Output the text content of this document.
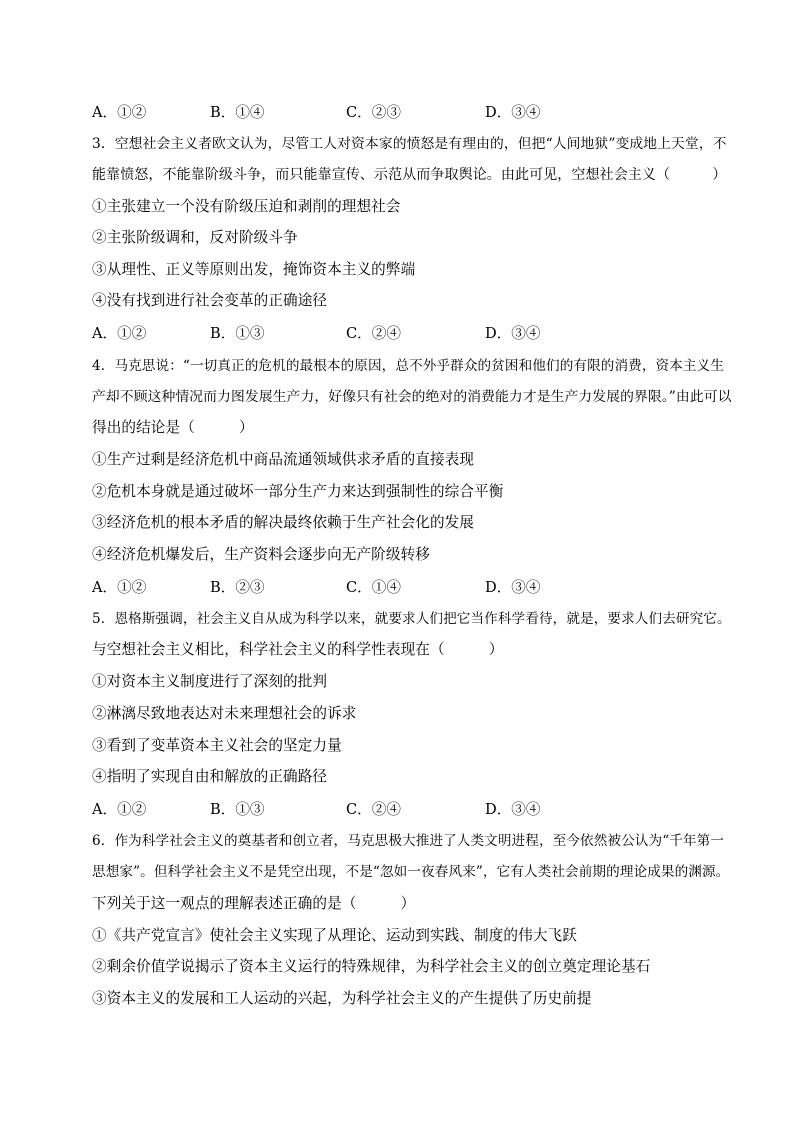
A．①②	B．①④	C．②③	D．③④
3．空想社会主义者欧文认为，尽管工人对资本家的愤怒是有理由的，但把“人间地狱”变成地上天堂，不
能靠愤怒，不能靠阶级斗争，而只能靠宣传、示范从而争取舆论。由此可见，空想社会主义（　　　）
①主张建立一个没有阶级压迫和剥削的理想社会
②主张阶级调和，反对阶级斗争
③从理性、正义等原则出发，掩饰资本主义的弊端
④没有找到进行社会变革的正确途径
A．①②	B．①③	C．②④	D．③④
4．马克思说：“一切真正的危机的最根本的原因，总不外乎群众的贫困和他们的有限的消费，资本主义生
产却不顾这种情况而力图发展生产力，好像只有社会的绝对的消费能力才是生产力发展的界限。”由此可以
得出的结论是（　　　）
①生产过剩是经济危机中商品流通领域供求矛盾的直接表现
②危机本身就是通过破坏一部分生产力来达到强制性的综合平衡
③经济危机的根本矛盾的解决最终依赖于生产社会化的发展
④经济危机爆发后，生产资料会逐步向无产阶级转移
A．①②	B．②③	C．①④	D．③④
5．恩格斯强调，社会主义自从成为科学以来，就要求人们把它当作科学看待，就是，要求人们去研究它。
与空想社会主义相比，科学社会主义的科学性表现在（　　　）
①对资本主义制度进行了深刻的批判
②淋漓尽致地表达对未来理想社会的诉求
③看到了变革资本主义社会的坚定力量
④指明了实现自由和解放的正确路径
A．①②	B．①③	C．②④	D．③④
6．作为科学社会主义的奠基者和创立者，马克思极大推进了人类文明进程，至今依然被公认为“千年第一
思想家”。但科学社会主义不是凭空出现，不是“忽如一夜春风来”，它有人类社会前期的理论成果的渊源。
下列关于这一观点的理解表述正确的是（　　　）
①《共产党宣言》使社会主义实现了从理论、运动到实践、制度的伟大飞跃
②剩余价值学说揭示了资本主义运行的特殊规律，为科学社会主义的创立奠定理论基石
③资本主义的发展和工人运动的兴起，为科学社会主义的产生提供了历史前提
